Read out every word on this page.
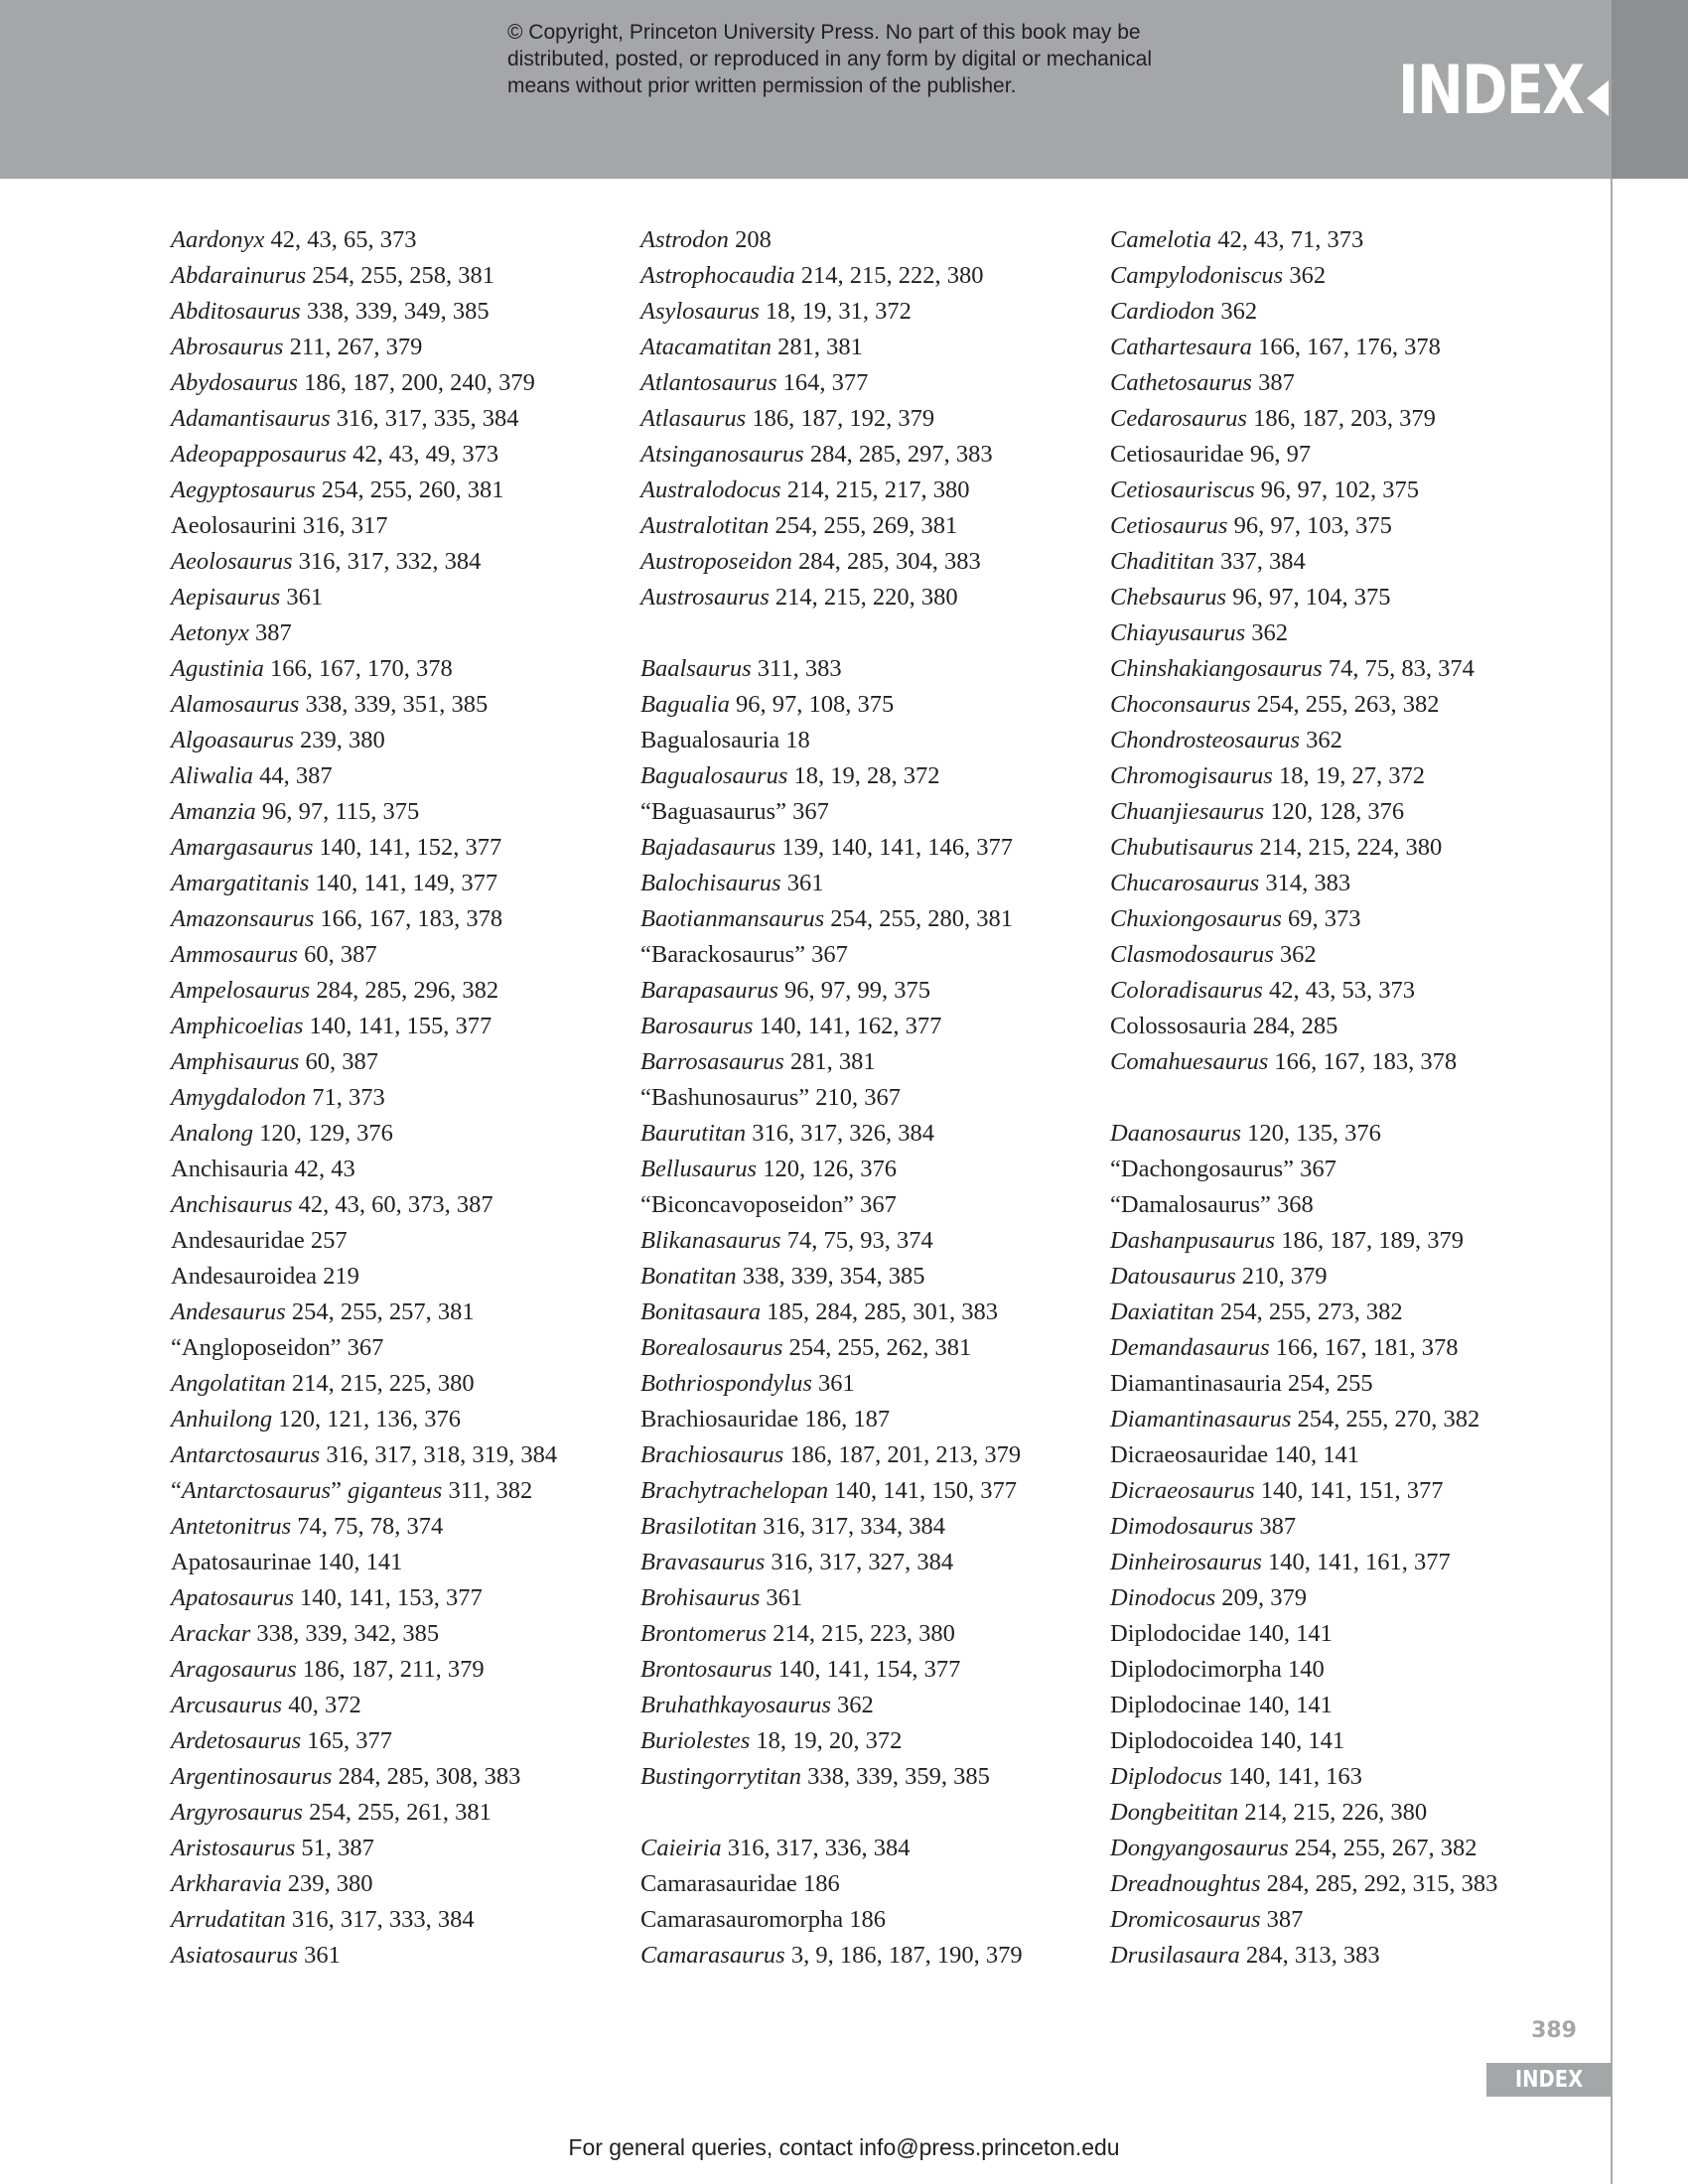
© Copyright, Princeton University Press. No part of this book may be
distributed, posted, or reproduced in any form by digital or mechanical
means without prior written permission of the publisher.	INDEX
Aardonyx 42, 43, 65, 373
Abdarainurus 254, 255, 258, 381
Abditosaurus 338, 339, 349, 385
Abrosaurus 211, 267, 379
Abydosaurus 186, 187, 200, 240, 379
Adamantisaurus 316, 317, 335, 384
Adeopapposaurus 42, 43, 49, 373
Aegyptosaurus 254, 255, 260, 381
Aeolosaurini 316, 317
Aeolosaurus 316, 317, 332, 384
Aepisaurus 361
Aetonyx 387
Agustinia 166, 167, 170, 378
Alamosaurus 338, 339, 351, 385
Algoasaurus 239, 380
Aliwalia 44, 387
Amanzia 96, 97, 115, 375
Amargasaurus 140, 141, 152, 377
Amargatitanis 140, 141, 149, 377
Amazonsaurus 166, 167, 183, 378
Ammosaurus 60, 387
Ampelosaurus 284, 285, 296, 382
Amphicoelias 140, 141, 155, 377
Amphisaurus 60, 387
Amygdalodon 71, 373
Analong 120, 129, 376
Anchisauria 42, 43
Anchisaurus 42, 43, 60, 373, 387
Andesauridae 257
Andesauroidea 219
Andesaurus 254, 255, 257, 381
“Angloposeidon” 367
Angolatitan 214, 215, 225, 380
Anhuilong 120, 121, 136, 376
Antarctosaurus 316, 317, 318, 319, 384
“Antarctosaurus” giganteus 311, 382
Antetonitrus 74, 75, 78, 374
Apatosaurinae 140, 141
Apatosaurus 140, 141, 153, 377
Arackar 338, 339, 342, 385
Aragosaurus 186, 187, 211, 379
Arcusaurus 40, 372
Ardetosaurus 165, 377
Argentinosaurus 284, 285, 308, 383
Argyrosaurus 254, 255, 261, 381
Aristosaurus 51, 387
Arkharavia 239, 380
Arrudatitan 316, 317, 333, 384
Asiatosaurus 361
Astrodon 208
Astrophocaudia 214, 215, 222, 380
Asylosaurus 18, 19, 31, 372
Atacamatitan 281, 381
Atlantosaurus 164, 377
Atlasaurus 186, 187, 192, 379
Atsinganosaurus 284, 285, 297, 383
Australodocus 214, 215, 217, 380
Australotitan 254, 255, 269, 381
Austroposeidon 284, 285, 304, 383
Austrosaurus 214, 215, 220, 380
Baalsaurus 311, 383
Bagualia 96, 97, 108, 375
Bagualosauria 18
Bagualosaurus 18, 19, 28, 372
“Baguasaurus” 367
Bajadasaurus 139, 140, 141, 146, 377
Balochisaurus 361
Baotianmansaurus 254, 255, 280, 381
“Barackosaurus” 367
Barapasaurus 96, 97, 99, 375
Barosaurus 140, 141, 162, 377
Barrosasaurus 281, 381
“Bashunosaurus” 210, 367
Baurutitan 316, 317, 326, 384
Bellusaurus 120, 126, 376
“Biconcavoposeidon” 367
Blikanasaurus 74, 75, 93, 374
Bonatitan 338, 339, 354, 385
Bonitasaura 185, 284, 285, 301, 383
Borealosaurus 254, 255, 262, 381
Bothriospondylus 361
Brachiosauridae 186, 187
Brachiosaurus 186, 187, 201, 213, 379
Brachytrachelopan 140, 141, 150, 377
Brasilotitan 316, 317, 334, 384
Bravasaurus 316, 317, 327, 384
Brohisaurus 361
Brontomerus 214, 215, 223, 380
Brontosaurus 140, 141, 154, 377
Bruhathkayosaurus 362
Buriolestes 18, 19, 20, 372
Bustingorrytitan 338, 339, 359, 385
Caieiria 316, 317, 336, 384
Camarasauridae 186
Camarasauromorpha 186
Camarasaurus 3, 9, 186, 187, 190, 379
Camelotia 42, 43, 71, 373
Campylodoniscus 362
Cardiodon 362
Cathartesaura 166, 167, 176, 378
Cathetosaurus 387
Cedarosaurus 186, 187, 203, 379
Cetiosauridae 96, 97
Cetiosauriscus 96, 97, 102, 375
Cetiosaurus 96, 97, 103, 375
Chadititan 337, 384
Chebsaurus 96, 97, 104, 375
Chiayusaurus 362
Chinshakiangosaurus 74, 75, 83, 374
Choconsaurus 254, 255, 263, 382
Chondrosteosaurus 362
Chromogisaurus 18, 19, 27, 372
Chuanjiesaurus 120, 128, 376
Chubutisaurus 214, 215, 224, 380
Chucarosaurus 314, 383
Chuxiongosaurus 69, 373
Clasmodosaurus 362
Coloradisaurus 42, 43, 53, 373
Colossosauria 284, 285
Comahuesaurus 166, 167, 183, 378
Daanosaurus 120, 135, 376
“Dachongosaurus” 367
“Damalosaurus” 368
Dashanpusaurus 186, 187, 189, 379
Datousaurus 210, 379
Daxiatitan 254, 255, 273, 382
Demandasaurus 166, 167, 181, 378
Diamantinasauria 254, 255
Diamantinasaurus 254, 255, 270, 382
Dicraeosauridae 140, 141
Dicraeosaurus 140, 141, 151, 377
Dimodosaurus 387
Dinheirosaurus 140, 141, 161, 377
Dinodocus 209, 379
Diplodocidae 140, 141
Diplodocimorpha 140
Diplodocinae 140, 141
Diplodocoidea 140, 141
Diplodocus 140, 141, 163
Dongbeititan 214, 215, 226, 380
Dongyangosaurus 254, 255, 267, 382
Dreadnoughtus 284, 285, 292, 315, 383
Dromicosaurus 387
Drusilasaura 284, 313, 383
389
INDEX
For general queries, contact info@press.princeton.edu
